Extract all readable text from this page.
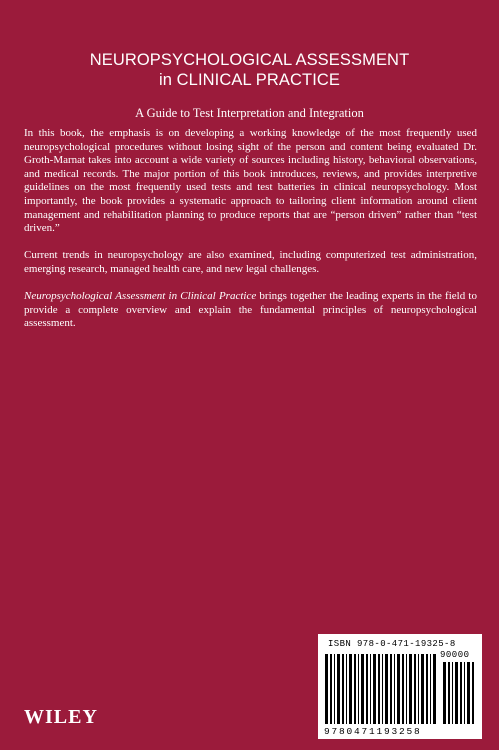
NEUROPSYCHOLOGICAL ASSESSMENT
in CLINICAL PRACTICE
A Guide to Test Interpretation and Integration

In this book, the emphasis is on developing a working knowledge of the most frequently used neuropsychological procedures without losing sight of the person and content being evaluated Dr. Groth-Marnat takes into account a wide variety of sources including history, behavioral observations, and medical records. The major portion of this book introduces, reviews, and provides interpretive guidelines on the most frequently used tests and test batteries in clinical neuropsychology. Most importantly, the book provides a systematic approach to tailoring client information around client management and rehabilitation planning to produce reports that are “person driven” rather than “test driven.”

Current trends in neuropsychology are also examined, including computerized test administration, emerging research, managed health care, and new legal challenges.

Neuropsychological Assessment in Clinical Practice brings together the leading experts in the field to provide a complete overview and explain the fundamental principles of neuropsychological assessment.

WILEY
ISBN 978-0-471-19325-8
9780471193258
90000
